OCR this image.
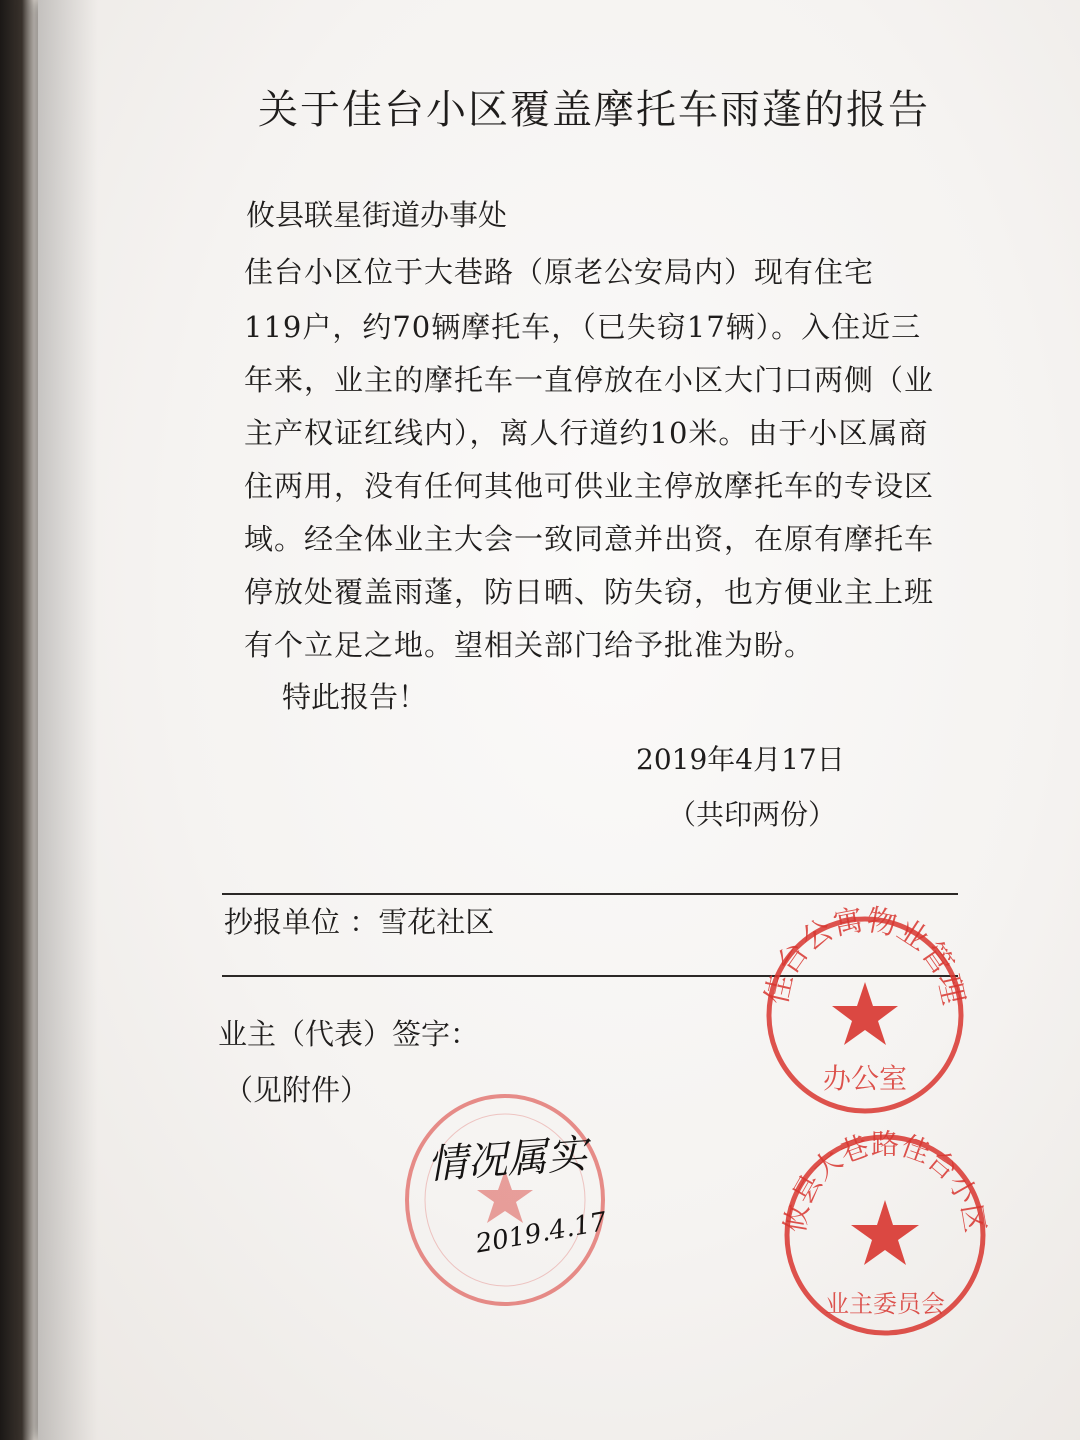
关于佳台小区覆盖摩托车雨蓬的报告
攸县联星街道办事处
佳台小区位于大巷路（原老公安局内）现有住宅
119户，约70辆摩托车，（已失窃17辆）。入住近三
年来，业主的摩托车一直停放在小区大门口两侧（业
主产权证红线内），离人行道约10米。由于小区属商
住两用，没有任何其他可供业主停放摩托车的专设区
域。经全体业主大会一致同意并出资，在原有摩托车
停放处覆盖雨蓬，防日晒、防失窃，也方便业主上班
有个立足之地。望相关部门给予批准为盼。
特此报告！
2019年4月17日
（共印两份）
抄报单位 ：雪花社区
业主（代表）签字：
（见附件）
佳台公寓物业管理
办公室
攸县大巷路佳台小区
业主委员会
情况属实
2019.4.17
